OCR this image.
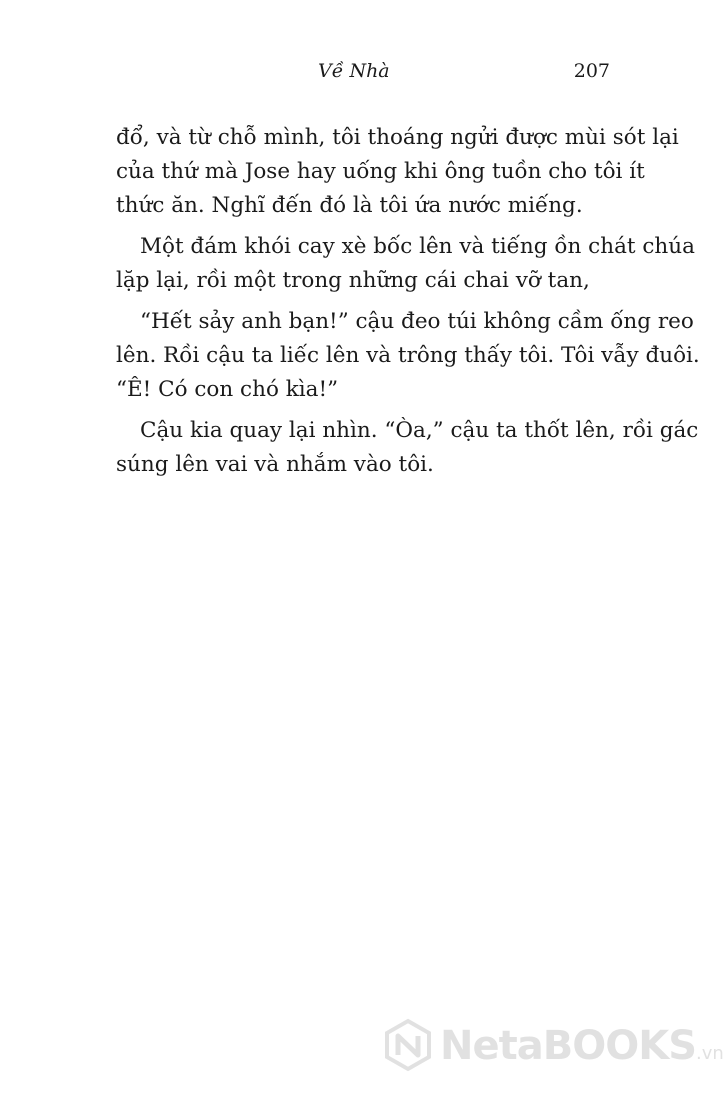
Về Nhà	207

đổ, và từ chỗ mình, tôi thoáng ngửi được mùi sót lại
của thứ mà Jose hay uống khi ông tuồn cho tôi ít
thức ăn. Nghĩ đến đó là tôi ứa nước miếng.

Một đám khói cay xè bốc lên và tiếng ồn chát chúa
lặp lại, rồi một trong những cái chai vỡ tan,

“Hết sảy anh bạn!” cậu đeo túi không cầm ống reo
lên. Rồi cậu ta liếc lên và trông thấy tôi. Tôi vẫy đuôi.
“Ê! Có con chó kìa!”

Cậu kia quay lại nhìn. “Òa,” cậu ta thốt lên, rồi gác
súng lên vai và nhắm vào tôi.

NetaBOOKS.vn
